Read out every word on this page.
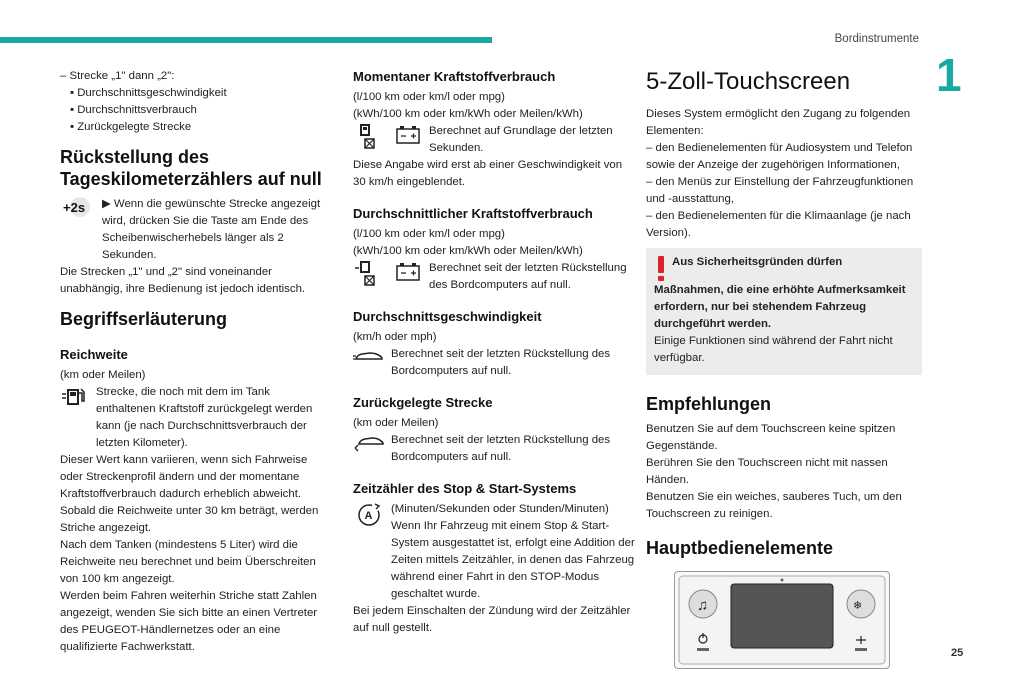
Bordinstrumente
1
25

– Strecke „1" dann „2":

▪ Durchschnittsgeschwindigkeit
▪ Durchschnittsverbrauch
▪ Zurückgelegte Strecke
Rückstellung des Tageskilometerzählers auf null
+2s ▶ Wenn die gewünschte Strecke angezeigt wird, drücken Sie die Taste am Ende des Scheibenwischerhebels länger als 2 Sekunden.

Die Strecken „1" und „2" sind voneinander unabhängig, ihre Bedienung ist jedoch identisch.

Begriffserläuterung
Reichweite

(km oder Meilen)

Strecke, die noch mit dem im Tank enthaltenen Kraftstoff zurückgelegt werden kann (je nach Durchschnittsverbrauch der letzten Kilometer).

Dieser Wert kann variieren, wenn sich Fahrweise oder Streckenprofil ändern und der momentane Kraftstoffverbrauch dadurch erheblich abweicht.

Sobald die Reichweite unter 30 km beträgt, werden Striche angezeigt.

Nach dem Tanken (mindestens 5 Liter) wird die Reichweite neu berechnet und beim Überschreiten von 100 km angezeigt.

Werden beim Fahren weiterhin Striche statt Zahlen angezeigt, wenden Sie sich bitte an einen Vertreter des PEUGEOT-Händlernetzes oder an eine qualifizierte Fachwerkstatt.

Momentaner Kraftstoffverbrauch

(l/100 km oder km/l oder mpg)

(kWh/100 km oder km/kWh oder Meilen/kWh)

Berechnet auf Grundlage der letzten Sekunden.

Diese Angabe wird erst ab einer Geschwindigkeit von 30 km/h eingeblendet.

Durchschnittlicher Kraftstoffverbrauch

(l/100 km oder km/l oder mpg)

(kWh/100 km oder km/kWh oder Meilen/kWh)

Berechnet seit der letzten Rückstellung des Bordcomputers auf null.

Durchschnittsgeschwindigkeit

(km/h oder mph)

Berechnet seit der letzten Rückstellung des Bordcomputers auf null.

Zurückgelegte Strecke

(km oder Meilen)

Berechnet seit der letzten Rückstellung des Bordcomputers auf null.

Zeitzähler des Stop & Start-Systems
A

(Minuten/Sekunden oder Stunden/Minuten) Wenn Ihr Fahrzeug mit einem Stop & Start-System ausgestattet ist, erfolgt eine Addition der Zeiten mittels Zeitzähler, in denen das Fahrzeug während einer Fahrt in den STOP-Modus geschaltet wurde.

Bei jedem Einschalten der Zündung wird der Zeitzähler auf null gestellt.

5-Zoll-Touchscreen

Dieses System ermöglicht den Zugang zu folgenden Elementen:

– den Bedienelementen für Audiosystem und Telefon sowie der Anzeige der zugehörigen Informationen,

– den Menüs zur Einstellung der Fahrzeugfunktionen und -ausstattung,

– den Bedienelementen für die Klimaanlage (je nach Version).

Aus Sicherheitsgründen dürfen Maßnahmen, die eine erhöhte Aufmerksamkeit erfordern, nur bei stehendem Fahrzeug durchgeführt werden.

Einige Funktionen sind während der Fahrt nicht verfügbar.

Empfehlungen

Benutzen Sie auf dem Touchscreen keine spitzen Gegenstände.

Berühren Sie den Touchscreen nicht mit nassen Händen.

Benutzen Sie ein weiches, sauberes Tuch, um den Touchscreen zu reinigen.

Hauptbedienelemente
♫	❄
